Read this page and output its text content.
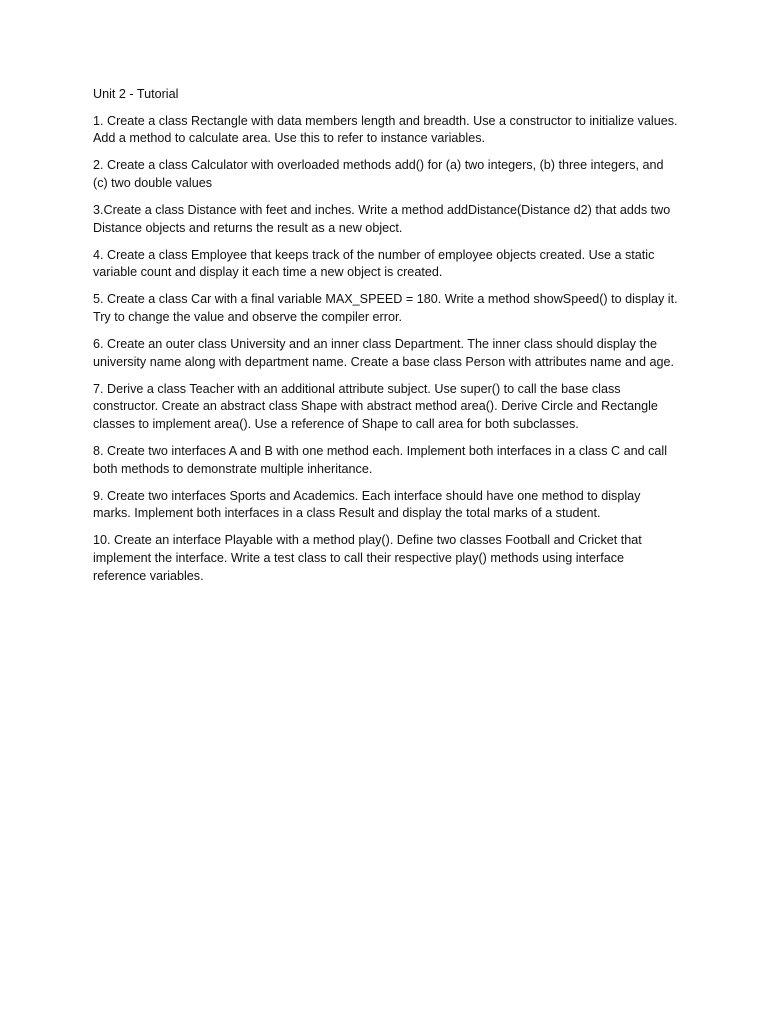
Unit 2 - Tutorial

1. Create a class Rectangle with data members length and breadth. Use a constructor to initialize values. Add a method to calculate area. Use this to refer to instance variables.

2. Create a class Calculator with overloaded methods add() for (a) two integers, (b) three integers, and (c) two double values

3.Create a class Distance with feet and inches. Write a method addDistance(Distance d2) that adds two Distance objects and returns the result as a new object.

4. Create a class Employee that keeps track of the number of employee objects created. Use a static variable count and display it each time a new object is created.

5. Create a class Car with a final variable MAX_SPEED = 180. Write a method showSpeed() to display it. Try to change the value and observe the compiler error.

6. Create an outer class University and an inner class Department. The inner class should display the university name along with department name. Create a base class Person with attributes name and age.

7. Derive a class Teacher with an additional attribute subject. Use super() to call the base class constructor. Create an abstract class Shape with abstract method area(). Derive Circle and Rectangle classes to implement area(). Use a reference of Shape to call area for both subclasses.

8. Create two interfaces A and B with one method each. Implement both interfaces in a class C and call both methods to demonstrate multiple inheritance.

9. Create two interfaces Sports and Academics. Each interface should have one method to display marks. Implement both interfaces in a class Result and display the total marks of a student.

10. Create an interface Playable with a method play(). Define two classes Football and Cricket that implement the interface. Write a test class to call their respective play() methods using interface reference variables.
